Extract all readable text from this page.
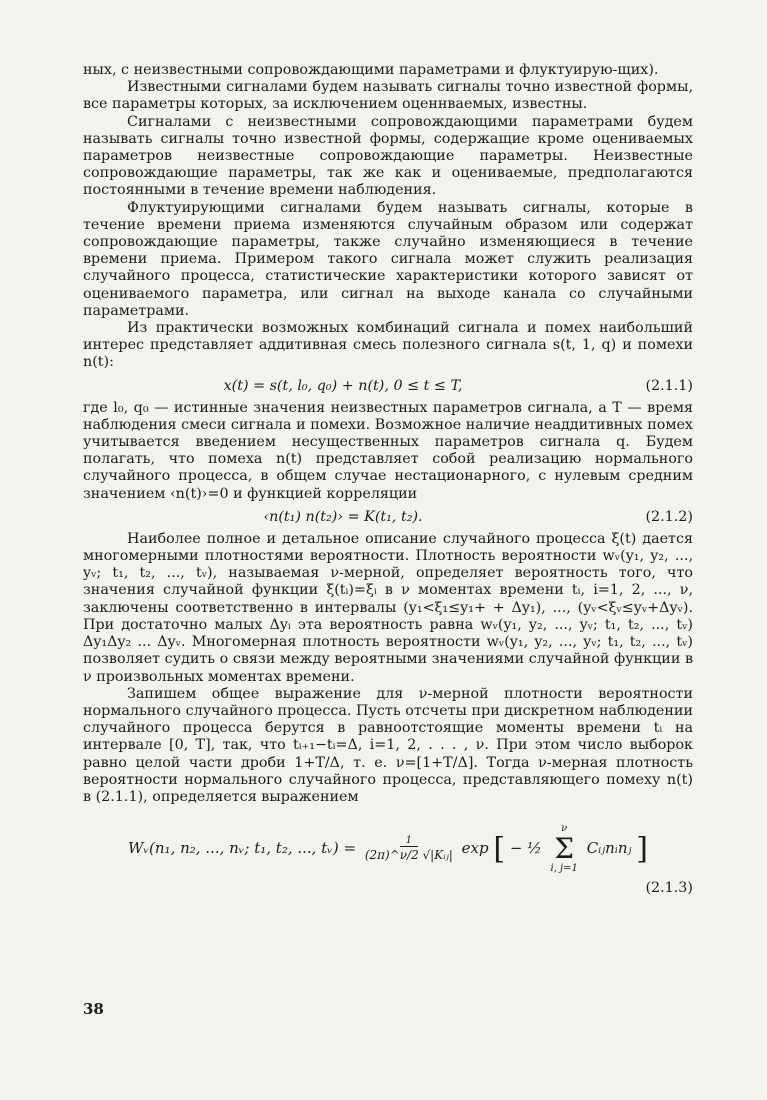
ных, с неизвестными сопровождающими параметрами и флуктуирую-щих).

Известными сигналами будем называть сигналы точно известной формы, все параметры которых, за исключением оценнваемых, известны.

Сигналами с неизвестными сопровождающими параметрами будем называть сигналы точно известной формы, содержащие кроме оцениваемых параметров неизвестные сопровождающие параметры. Неизвестные сопровождающие параметры, так же как и оцениваемые, предполагаются постоянными в течение времени наблюдения.

Флуктуирующими сигналами будем называть сигналы, которые в течение времени приема изменяются случайным образом или содержат сопровождающие параметры, также случайно изменяющиеся в течение времени приема. Примером такого сигнала может служить реализация случайного процесса, статистические характеристики которого зависят от оцениваемого параметра, или сигнал на выходе канала со случайными параметрами.

Из практически возможных комбинаций сигнала и помех наибольший интерес представляет аддитивная смесь полезного сигнала s(t, 1, q) и помехи n(t):

x(t) = s(t, l₀, q₀) + n(t), 0 ≤ t ≤ T,	(2.1.1)

где l₀, q₀ — истинные значения неизвестных параметров сигнала, а T — время наблюдения смеси сигнала и помехи. Возможное наличие неаддитивных помех учитывается введением несущественных параметров сигнала q. Будем полагать, что помеха n(t) представляет собой реализацию нормального случайного процесса, в общем случае нестационарного, с нулевым средним значением ‹n(t)›=0 и функцией корреляции

‹n(t₁) n(t₂)› = K(t₁, t₂).	(2.1.2)

Наиболее полное и детальное описание случайного процесса ξ(t) дается многомерными плотностями вероятности. Плотность вероятности wᵥ(y₁, y₂, ..., yᵥ; t₁, t₂, ..., tᵥ), называемая ν-мерной, определяет вероятность того, что значения случайной функции ξ(tᵢ)=ξᵢ в ν моментах времени tᵢ, i=1, 2, ..., ν, заключены соответственно в интервалы (y₁<ξ₁≤y₁+ + Δy₁), ..., (yᵥ<ξᵥ≤yᵥ+Δyᵥ). При достаточно малых Δyᵢ эта вероятность равна wᵥ(y₁, y₂, ..., yᵥ; t₁, t₂, ..., tᵥ) Δy₁Δy₂ ... Δyᵥ. Многомерная плотность вероятности wᵥ(y₁, y₂, ..., yᵥ; t₁, t₂, ..., tᵥ) позволяет судить о связи между вероятными значениями случайной функции в ν произвольных моментах времени.

Запишем общее выражение для ν-мерной плотности вероятности нормального случайного процесса. Пусть отсчеты при дискретном наблюдении случайного процесса берутся в равноотстоящие моменты времени tᵢ на интервале [0, T], так, что tᵢ₊₁−tᵢ=Δ, i=1, 2, . . . , ν. При этом число выборок равно целой части дроби 1+T/Δ, т. е. ν=[1+T/Δ]. Тогда ν-мерная плотность вероятности нормального случайного процесса, представляющего помеху n(t) в (2.1.1), определяется выражением

Wᵥ(n₁, n₂, ..., nᵥ; t₁, t₂, ..., tᵥ) = $\frac{1}{\text{(2π)\textasciicircum{}ν/2 √|Kᵢⱼ|}}$ exp [ − ½
ν
Σ
i, j=1
Cᵢⱼnᵢnⱼ ]
(2.1.3)
38
